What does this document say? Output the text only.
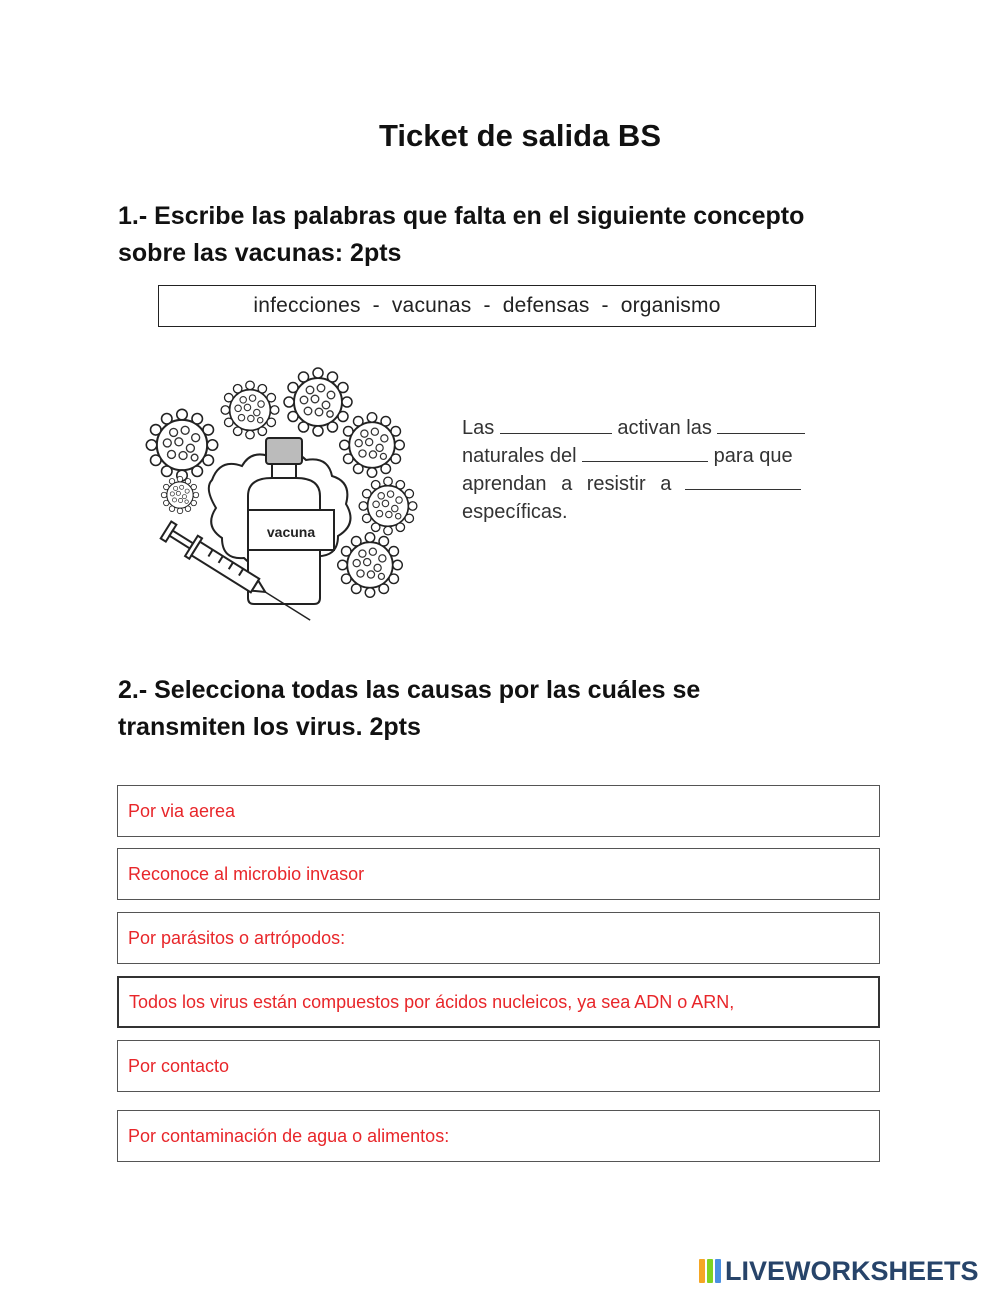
Ticket de salida BS
1.- Escribe las palabras que falta en el siguiente concepto
sobre las vacunas: 2pts
infecciones - vacunas - defensas - organismo
vacuna
Las	activan las
naturales del	para que
aprendan a resistir a
específicas.
2.- Selecciona todas las causas por las cuáles se
transmiten los virus. 2pts
Por via aerea
Reconoce al microbio invasor
Por parásitos o artrópodos:
Todos los virus están compuestos por ácidos nucleicos, ya sea ADN o ARN,
Por contacto
Por contaminación de agua o alimentos:
LIVEWORKSHEETS
